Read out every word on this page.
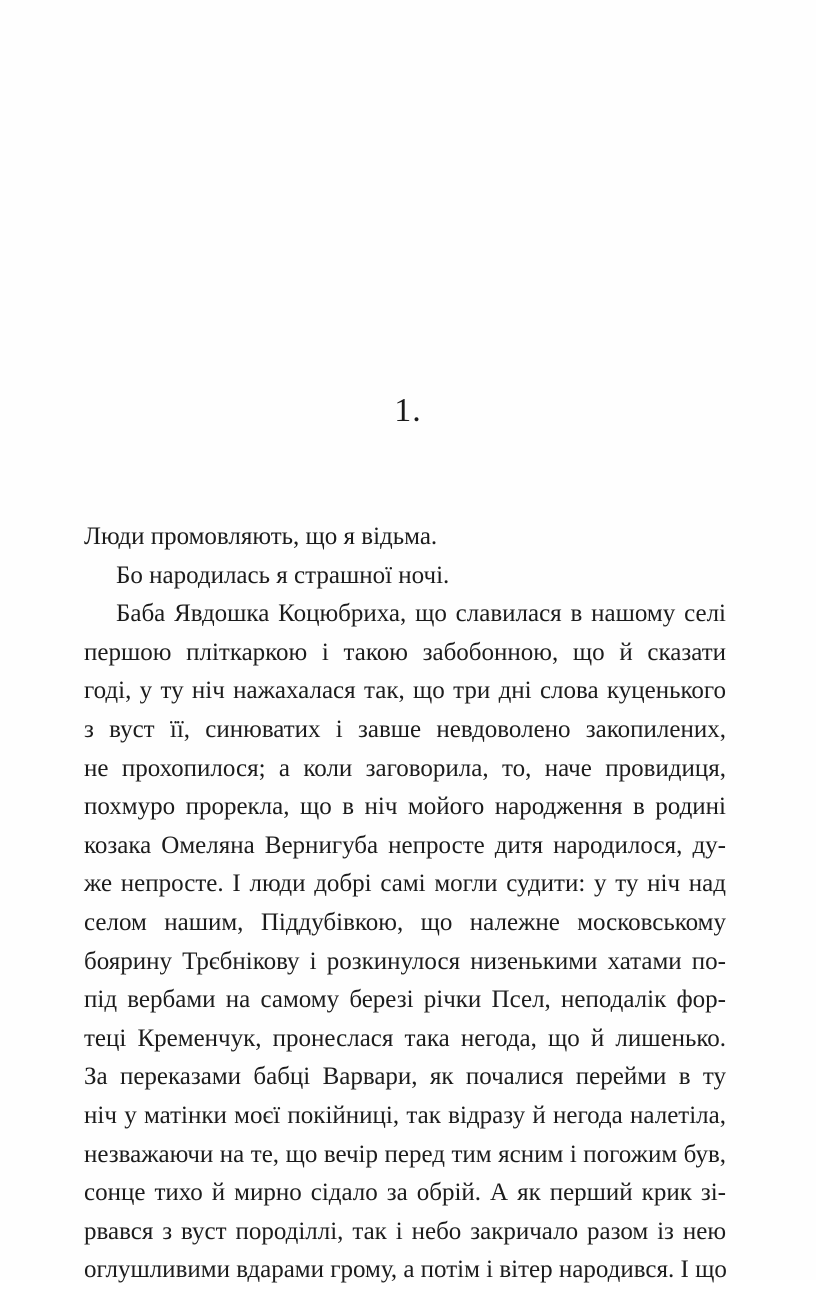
1.
Люди промовляють, що я відьма.
Бо народилась я страшної ночі.
Баба Явдошка Коцюбриха, що славилася в нашому селі
першою пліткаркою і такою забобонною, що й сказати
годі, у ту ніч нажахалася так, що три дні слова куценького
з вуст її, синюватих і завше невдоволено закопилених,
не прохопилося; а коли заговорила, то, наче провидиця,
похмуро прорекла, що в ніч мойого народження в родині
козака Омеляна Вернигуба непросте дитя народилося, ду-
же непросте. І люди добрі самі могли судити: у ту ніч над
селом нашим, Піддубівкою, що належне московському
боярину Трєбнікову і розкинулося низенькими хатами по-
під вербами на самому березі річки Псел, неподалік фор-
теці Кременчук, пронеслася така негода, що й лишенько.
За переказами бабці Варвари, як почалися перейми в ту
ніч у матінки моєї покійниці, так відразу й негода налетіла,
незважаючи на те, що вечір перед тим ясним і погожим був,
сонце тихо й мирно сідало за обрій. А як перший крик зі-
рвався з вуст породіллі, так і небо закричало разом із нею
оглушливими вдарами грому, а потім і вітер народився. І що
